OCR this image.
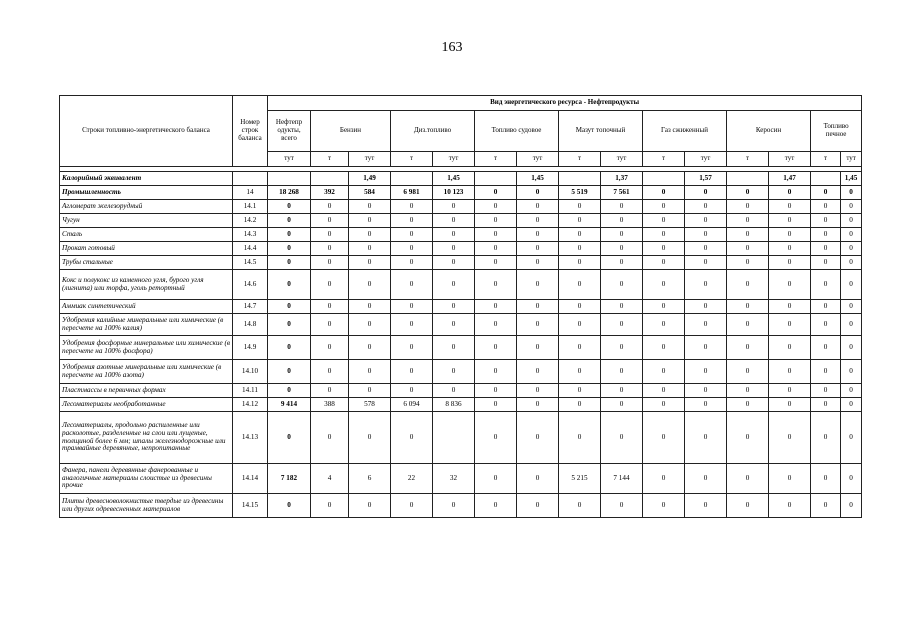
163
Строки топливно-энергетического баланса	Номер строк баланса	Вид энергетического ресурса - Нефтепродукты														
		Нефтепр одукты, всего	Бензин		Диз.топливо		Топливо судовое		Мазут топочный		Газ сжиженный		Керосин		Топливо печное	
		тут	т	тут	т	тут	т	тут	т	тут	т	тут	т	тут	т	тут

Калорийный эквивалент				1,49		1,45		1,45		1,37		1,57		1,47		1,45
Промышленность	14	18 268	392	584	6 981	10 123	0	0	5 519	7 561	0	0	0	0	0	0
Агломерат железорудный	14.1	0	0	0	0	0	0	0	0	0	0	0	0	0	0	0
Чугун	14.2	0	0	0	0	0	0	0	0	0	0	0	0	0	0	0
Сталь	14.3	0	0	0	0	0	0	0	0	0	0	0	0	0	0	0
Прокат готовый	14.4	0	0	0	0	0	0	0	0	0	0	0	0	0	0	0
Трубы стальные	14.5	0	0	0	0	0	0	0	0	0	0	0	0	0	0	0
Кокс и полукокс из каменного угля, бурого угля (лигнита) или торфа, уголь ретортный	14.6	0	0	0	0	0	0	0	0	0	0	0	0	0	0	0
Аммиак синтетический	14.7	0	0	0	0	0	0	0	0	0	0	0	0	0	0	0
Удобрения калийные минеральные или химические (в пересчете на 100% калия)	14.8	0	0	0	0	0	0	0	0	0	0	0	0	0	0	0
Удобрения фосфорные минеральные или химические (в пересчете на 100% фосфора)	14.9	0	0	0	0	0	0	0	0	0	0	0	0	0	0	0
Удобрения азотные минеральные или химические (в пересчете на 100% азота)	14.10	0	0	0	0	0	0	0	0	0	0	0	0	0	0	0
Пластмассы в первичных формах	14.11	0	0	0	0	0	0	0	0	0	0	0	0	0	0	0
Лесоматериалы необработанные	14.12	9 414	388	578	6 094	8 836	0	0	0	0	0	0	0	0	0	0
Лесоматериалы, продольно распиленные или расколотые, разделенные на слои или лущеные, толщиной более 6 мм; шпалы железнодорожные или трамвайные деревянные, непропитанные	14.13	0	0	0	0		0	0	0	0	0	0	0	0	0	0
Фанера, панели деревянные фанерованные и аналогичные материалы слоистые из древесины прочие	14.14	7 182	4	6	22	32	0	0	5 215	7 144	0	0	0	0	0	0
Плиты древесноволокнистые твердые из древесины или других одревесненных материалов	14.15	0	0	0	0	0	0	0	0	0	0	0	0	0	0	0
